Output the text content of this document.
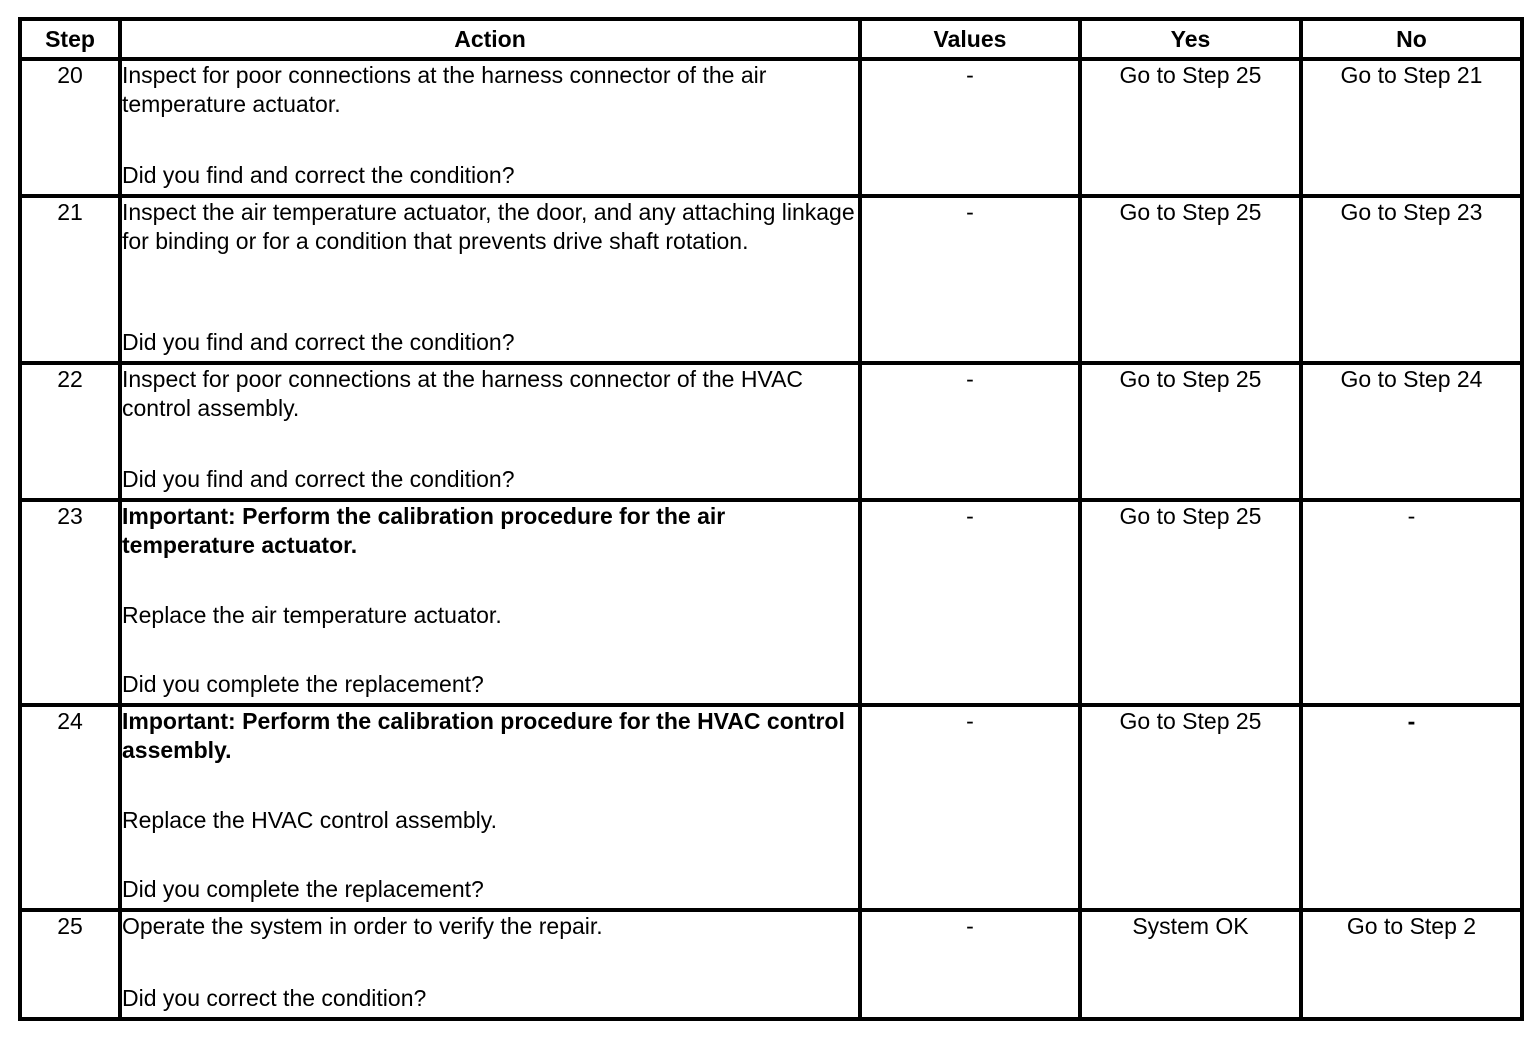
Step	Action	Values	Yes	No
20	Inspect for poor connections at the harness connector of the air temperature actuator.
Did you find and correct the condition?	-	Go to Step 25	Go to Step 21
21	Inspect the air temperature actuator, the door, and any attaching linkage for binding or for a condition that prevents drive shaft rotation.
Did you find and correct the condition?	-	Go to Step 25	Go to Step 23
22	Inspect for poor connections at the harness connector of the HVAC control assembly.
Did you find and correct the condition?	-	Go to Step 25	Go to Step 24
23	Important: Perform the calibration procedure for the air temperature actuator.
Replace the air temperature actuator.
Did you complete the replacement?	-	Go to Step 25	-
24	Important: Perform the calibration procedure for the HVAC control assembly.
Replace the HVAC control assembly.
Did you complete the replacement?	-	Go to Step 25	-
25	Operate the system in order to verify the repair.
Did you correct the condition?	-	System OK	Go to Step 2
